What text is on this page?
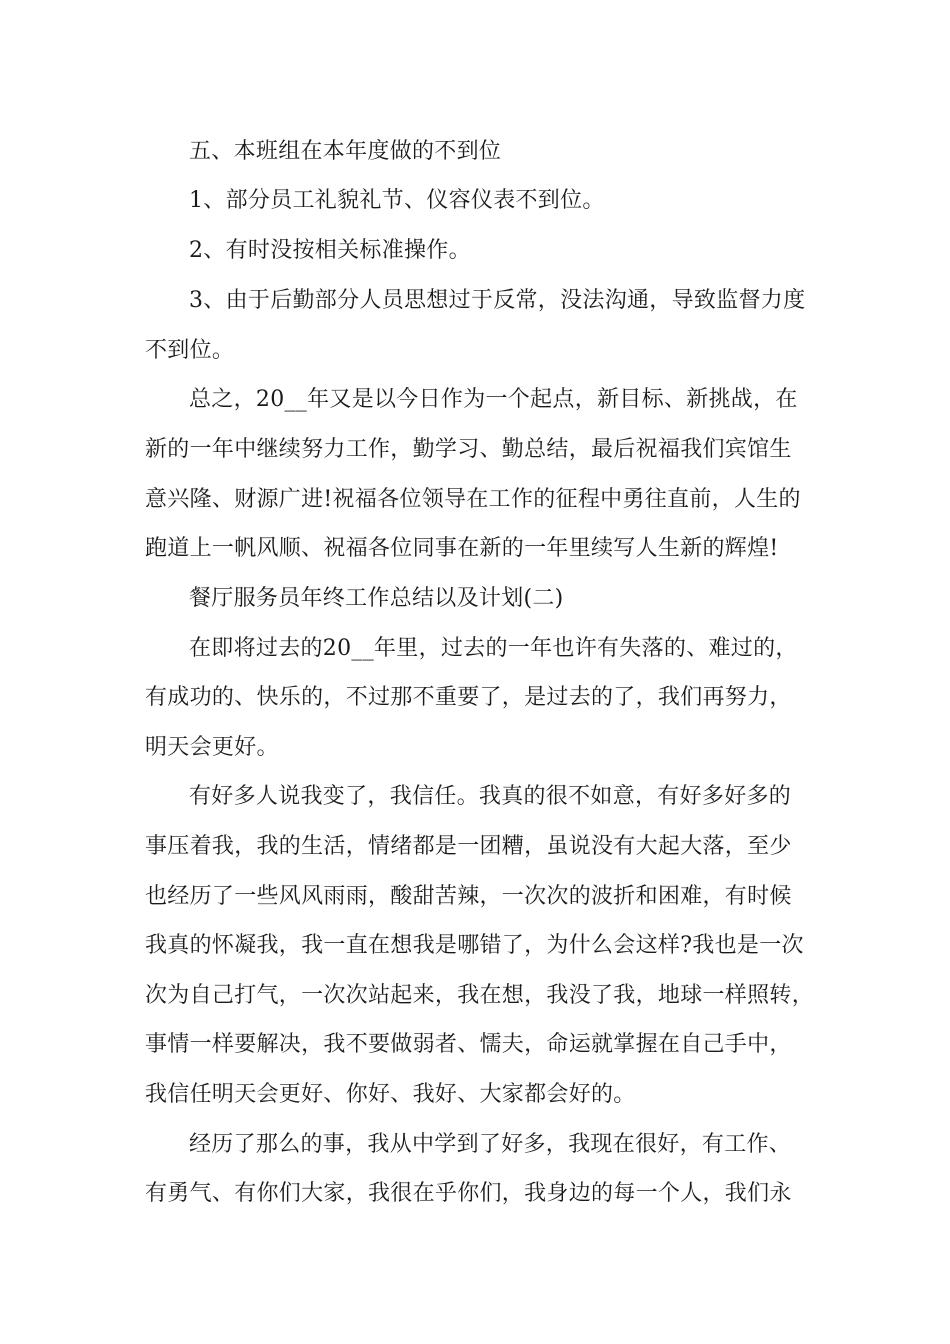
五、本班组在本年度做的不到位
1、部分员工礼貌礼节、仪容仪表不到位。
2、有时没按相关标准操作。
3、由于后勤部分人员思想过于反常，没法沟通，导致监督力度
不到位。
总之，20__年又是以今日作为一个起点，新目标、新挑战，在
新的一年中继续努力工作，勤学习、勤总结，最后祝福我们宾馆生
意兴隆、财源广进!祝福各位领导在工作的征程中勇往直前，人生的
跑道上一帆风顺、祝福各位同事在新的一年里续写人生新的辉煌!
餐厅服务员年终工作总结以及计划(二)
在即将过去的20__年里，过去的一年也许有失落的、难过的，
有成功的、快乐的，不过那不重要了，是过去的了，我们再努力，
明天会更好。
有好多人说我变了，我信任。我真的很不如意，有好多好多的
事压着我，我的生活，情绪都是一团糟，虽说没有大起大落，至少
也经历了一些风风雨雨，酸甜苦辣，一次次的波折和困难，有时候
我真的怀凝我，我一直在想我是哪错了，为什么会这样?我也是一次
次为自己打气，一次次站起来，我在想，我没了我，地球一样照转，
事情一样要解决，我不要做弱者、懦夫，命运就掌握在自己手中，
我信任明天会更好、你好、我好、大家都会好的。
经历了那么的事，我从中学到了好多，我现在很好，有工作、
有勇气、有你们大家，我很在乎你们，我身边的每一个人，我们永
